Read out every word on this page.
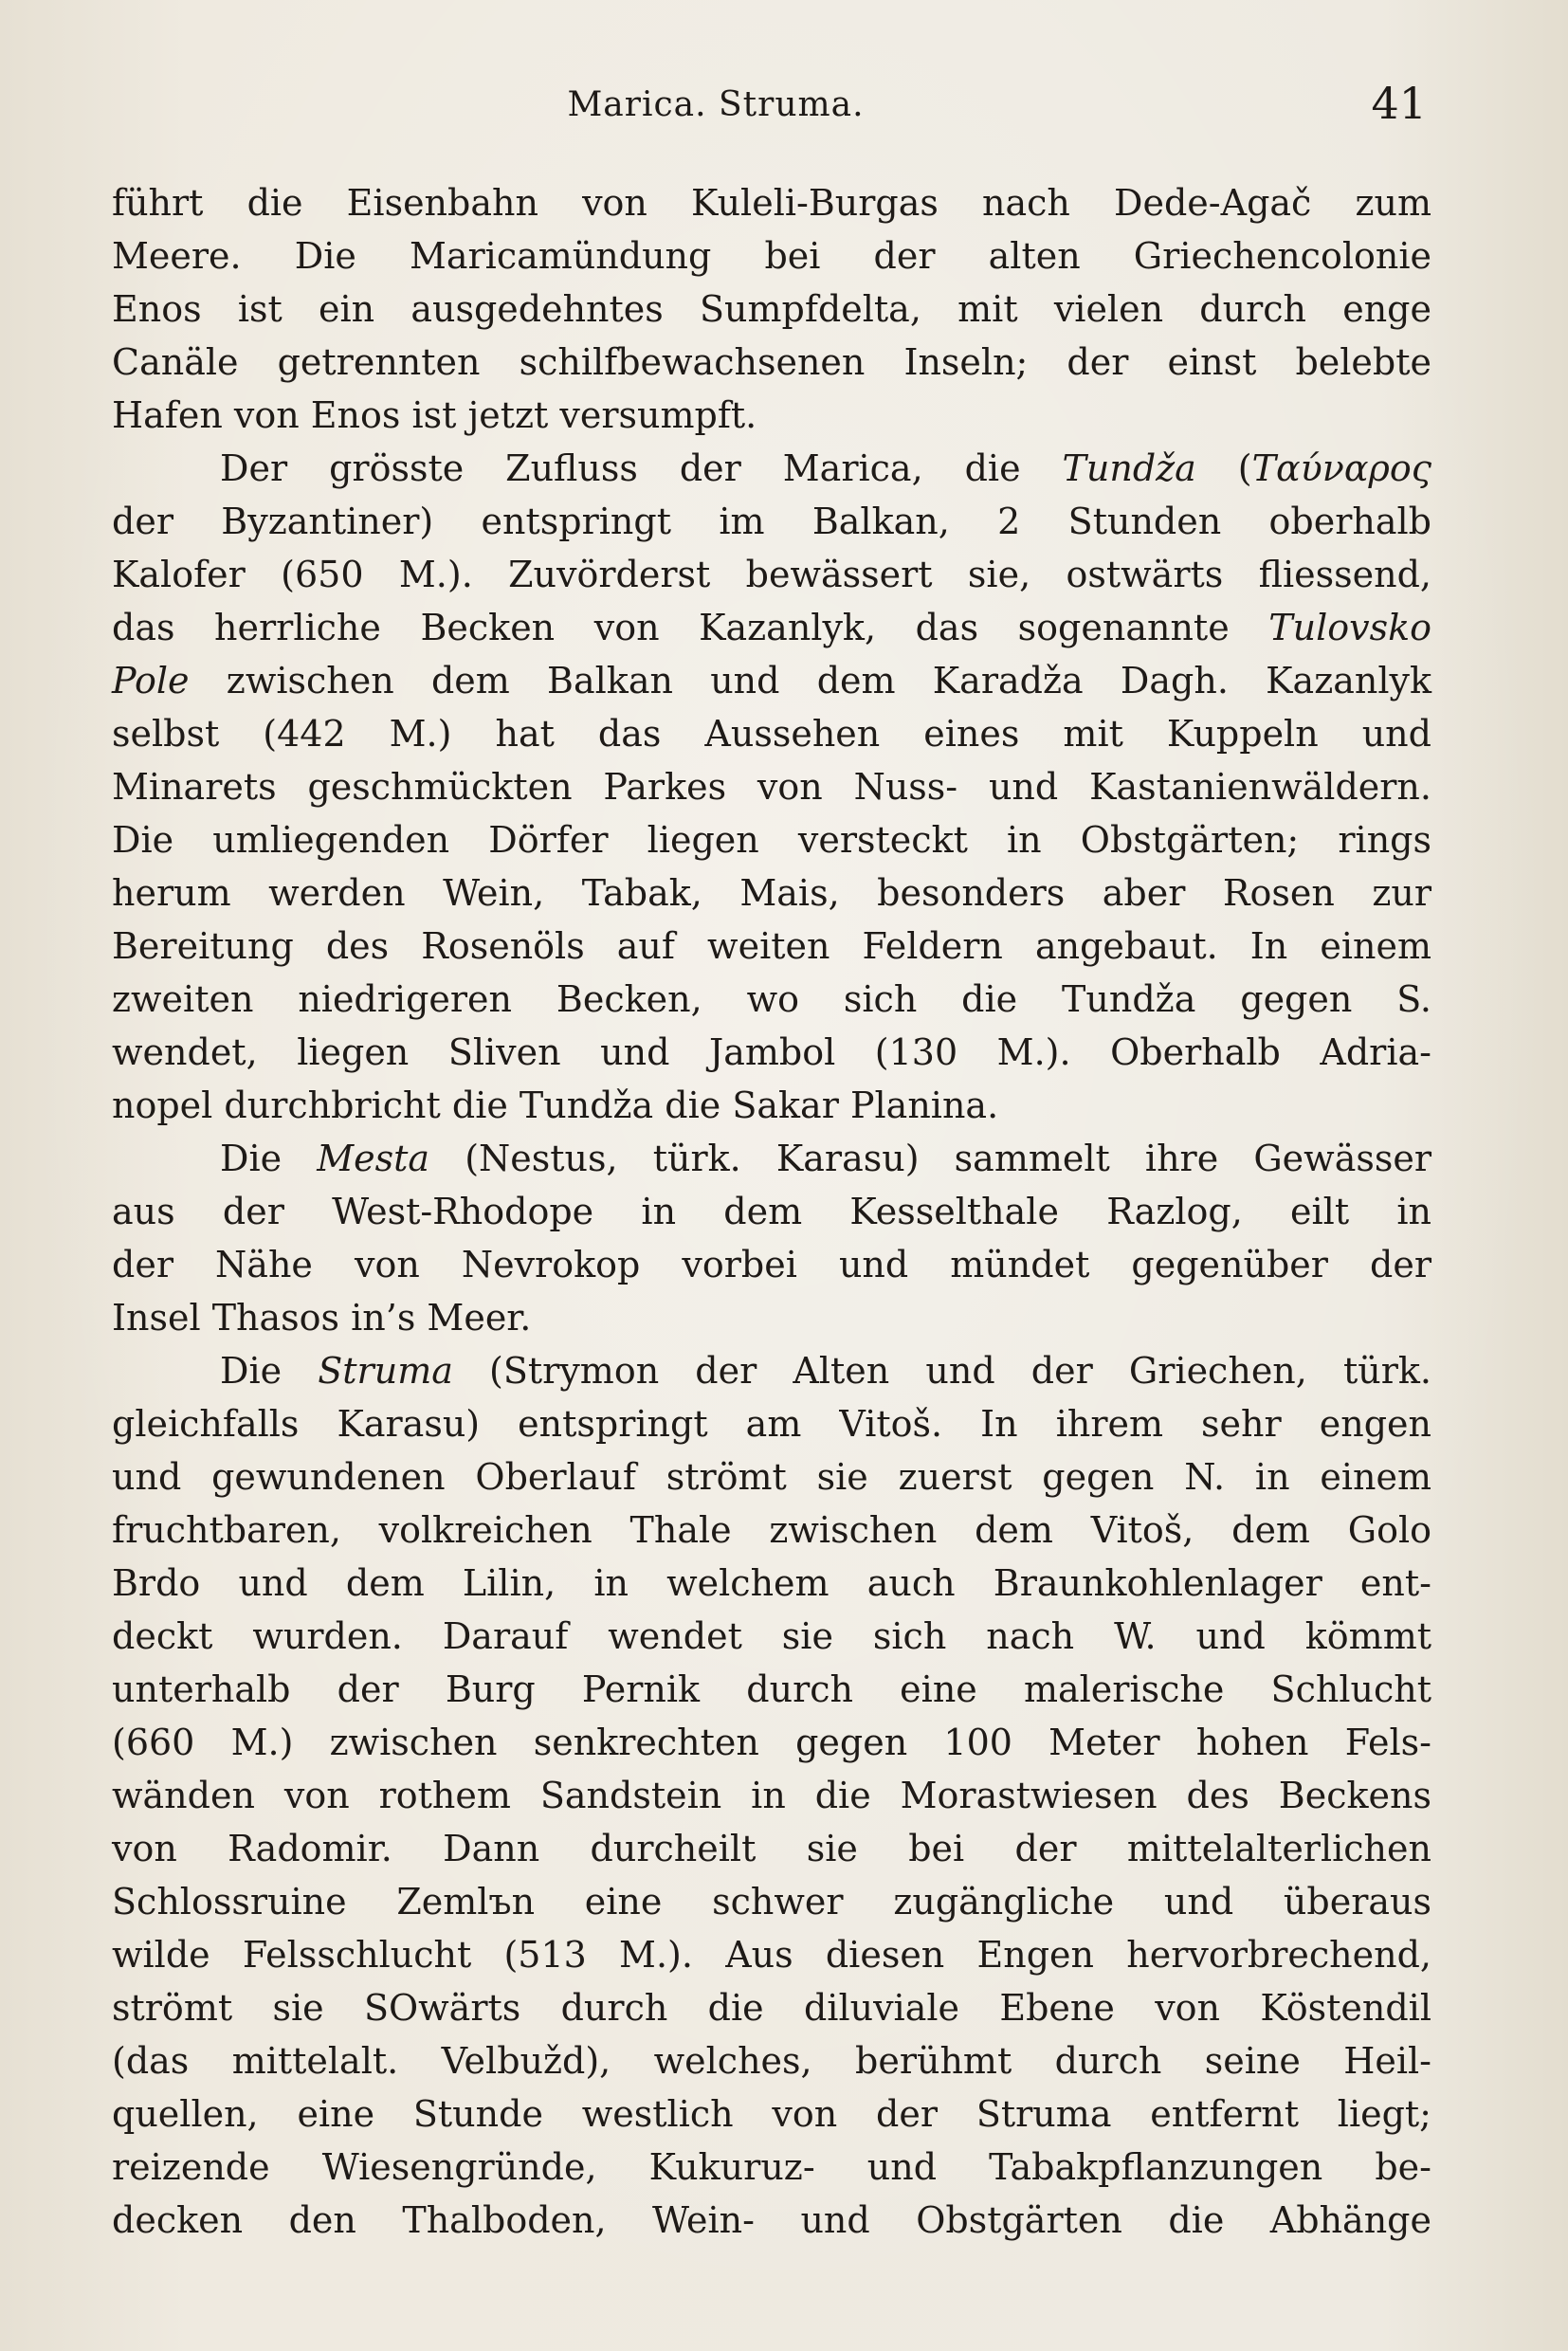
Marica. Struma.	41
führt die Eisenbahn von Kuleli-Burgas nach Dede-Agač zum
Meere. Die Maricamündung bei der alten Griechencolonie
Enos ist ein ausgedehntes Sumpfdelta, mit vielen durch enge
Canäle getrennten schilfbewachsenen Inseln; der einst belebte
Hafen von Enos ist jetzt versumpft.
Der grösste Zufluss der Marica, die Tundža (Ταύναρος
der Byzantiner) entspringt im Balkan, 2 Stunden oberhalb
Kalofer (650 M.). Zuvörderst bewässert sie, ostwärts fliessend,
das herrliche Becken von Kazanlyk, das sogenannte Tulovsko
Pole zwischen dem Balkan und dem Karadža Dagh. Kazanlyk
selbst (442 M.) hat das Aussehen eines mit Kuppeln und
Minarets geschmückten Parkes von Nuss- und Kastanienwäldern.
Die umliegenden Dörfer liegen versteckt in Obstgärten; rings
herum werden Wein, Tabak, Mais, besonders aber Rosen zur
Bereitung des Rosenöls auf weiten Feldern angebaut. In einem
zweiten niedrigeren Becken, wo sich die Tundža gegen S.
wendet, liegen Sliven und Jambol (130 M.). Oberhalb Adria-
nopel durchbricht die Tundža die Sakar Planina.
Die Mesta (Nestus, türk. Karasu) sammelt ihre Gewässer
aus der West-Rhodope in dem Kesselthale Razlog, eilt in
der Nähe von Nevrokop vorbei und mündet gegenüber der
Insel Thasos in’s Meer.
Die Struma (Strymon der Alten und der Griechen, türk.
gleichfalls Karasu) entspringt am Vitoš. In ihrem sehr engen
und gewundenen Oberlauf strömt sie zuerst gegen N. in einem
fruchtbaren, volkreichen Thale zwischen dem Vitoš, dem Golo
Brdo und dem Lilin, in welchem auch Braunkohlenlager ent-
deckt wurden. Darauf wendet sie sich nach W. und kömmt
unterhalb der Burg Pernik durch eine malerische Schlucht
(660 M.) zwischen senkrechten gegen 100 Meter hohen Fels-
wänden von rothem Sandstein in die Morastwiesen des Beckens
von Radomir. Dann durcheilt sie bei der mittelalterlichen
Schlossruine Zemlъn eine schwer zugängliche und überaus
wilde Felsschlucht (513 M.). Aus diesen Engen hervorbrechend,
strömt sie SOwärts durch die diluviale Ebene von Köstendil
(das mittelalt. Velbužd), welches, berühmt durch seine Heil-
quellen, eine Stunde westlich von der Struma entfernt liegt;
reizende Wiesengründe, Kukuruz- und Tabakpflanzungen be-
decken den Thalboden, Wein- und Obstgärten die Abhänge
